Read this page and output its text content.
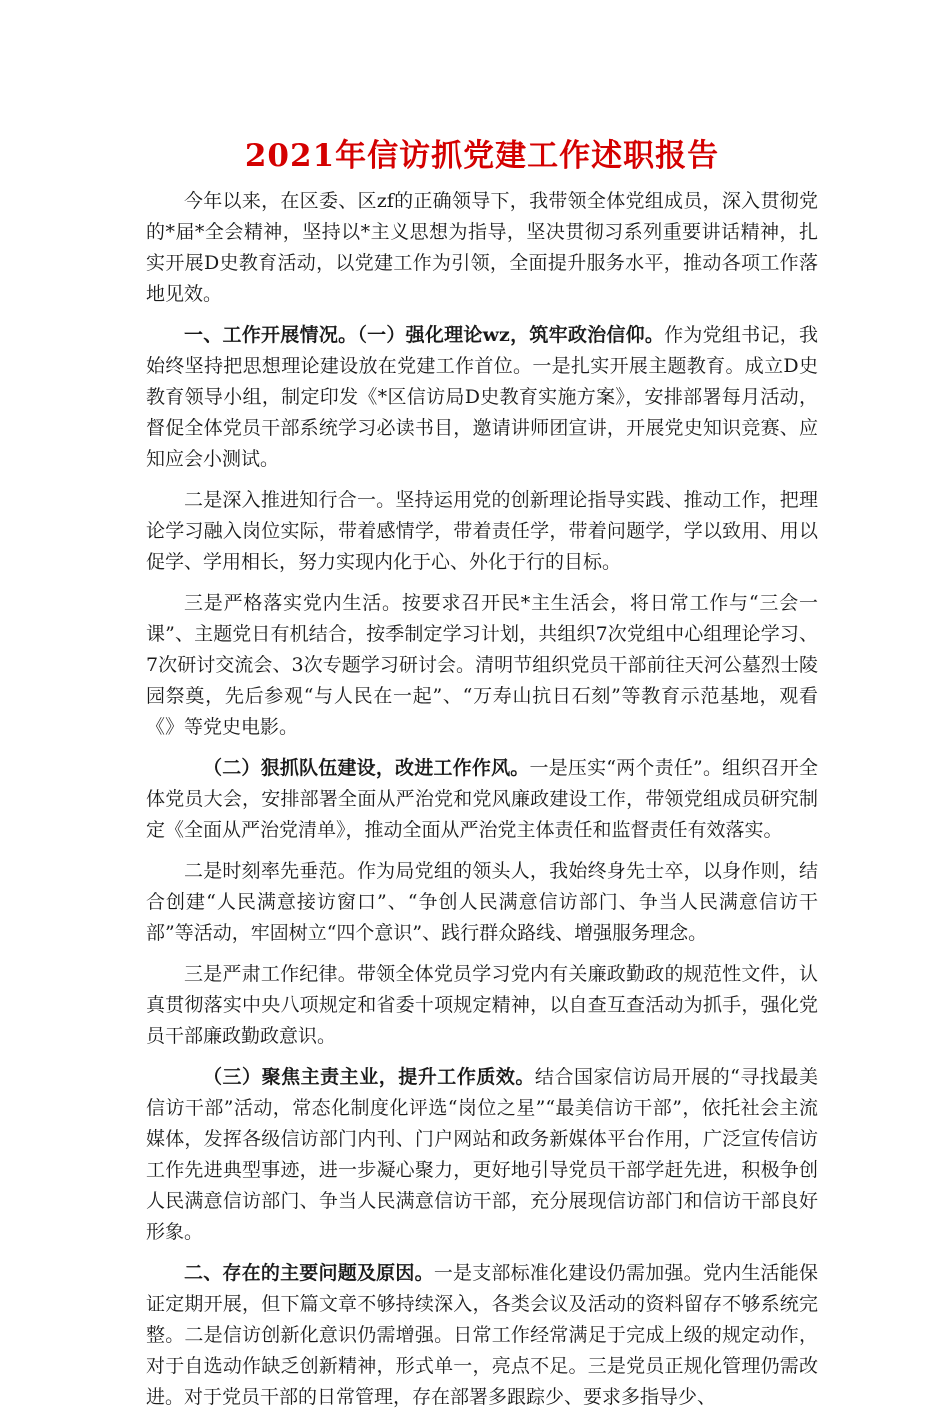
2021年信访抓党建工作述职报告

今年以来，在区委、区zf的正确领导下，我带领全体党组成员，深入贯彻党的*届*全会精神，坚持以*主义思想为指导，坚决贯彻习系列重要讲话精神，扎实开展D史教育活动，以党建工作为引领，全面提升服务水平，推动各项工作落地见效。

一、工作开展情况。（一）强化理论wz，筑牢政治信仰。作为党组书记，我始终坚持把思想理论建设放在党建工作首位。一是扎实开展主题教育。成立D史教育领导小组，制定印发《*区信访局D史教育实施方案》，安排部署每月活动，督促全体党员干部系统学习必读书目，邀请讲师团宣讲，开展党史知识竞赛、应知应会小测试。

二是深入推进知行合一。坚持运用党的创新理论指导实践、推动工作，把理论学习融入岗位实际，带着感情学，带着责任学，带着问题学，学以致用、用以促学、学用相长，努力实现内化于心、外化于行的目标。

三是严格落实党内生活。按要求召开民*主生活会，将日常工作与“三会一课”、主题党日有机结合，按季制定学习计划，共组织7次党组中心组理论学习、7次研讨交流会、3次专题学习研讨会。清明节组织党员干部前往天河公墓烈士陵园祭奠，先后参观“与人民在一起”、“万寿山抗日石刻”等教育示范基地，观看《》等党史电影。

（二）狠抓队伍建设，改进工作作风。一是压实“两个责任”。组织召开全体党员大会，安排部署全面从严治党和党风廉政建设工作，带领党组成员研究制定《全面从严治党清单》，推动全面从严治党主体责任和监督责任有效落实。

二是时刻率先垂范。作为局党组的领头人，我始终身先士卒，以身作则，结合创建“人民满意接访窗口”、“争创人民满意信访部门、争当人民满意信访干部”等活动，牢固树立“四个意识”、践行群众路线、增强服务理念。

三是严肃工作纪律。带领全体党员学习党内有关廉政勤政的规范性文件，认真贯彻落实中央八项规定和省委十项规定精神，以自查互查活动为抓手，强化党员干部廉政勤政意识。

（三）聚焦主责主业，提升工作质效。结合国家信访局开展的“寻找最美信访干部”活动，常态化制度化评选“岗位之星”“最美信访干部”，依托社会主流媒体，发挥各级信访部门内刊、门户网站和政务新媒体平台作用，广泛宣传信访工作先进典型事迹，进一步凝心聚力，更好地引导党员干部学赶先进，积极争创人民满意信访部门、争当人民满意信访干部，充分展现信访部门和信访干部良好形象。

二、存在的主要问题及原因。一是支部标准化建设仍需加强。党内生活能保证定期开展，但下篇文章不够持续深入，各类会议及活动的资料留存不够系统完整。二是信访创新化意识仍需增强。日常工作经常满足于完成上级的规定动作，对于自选动作缺乏创新精神，形式单一，亮点不足。三是党员正规化管理仍需改进。对于党员干部的日常管理，存在部署多跟踪少、要求多指导少、
